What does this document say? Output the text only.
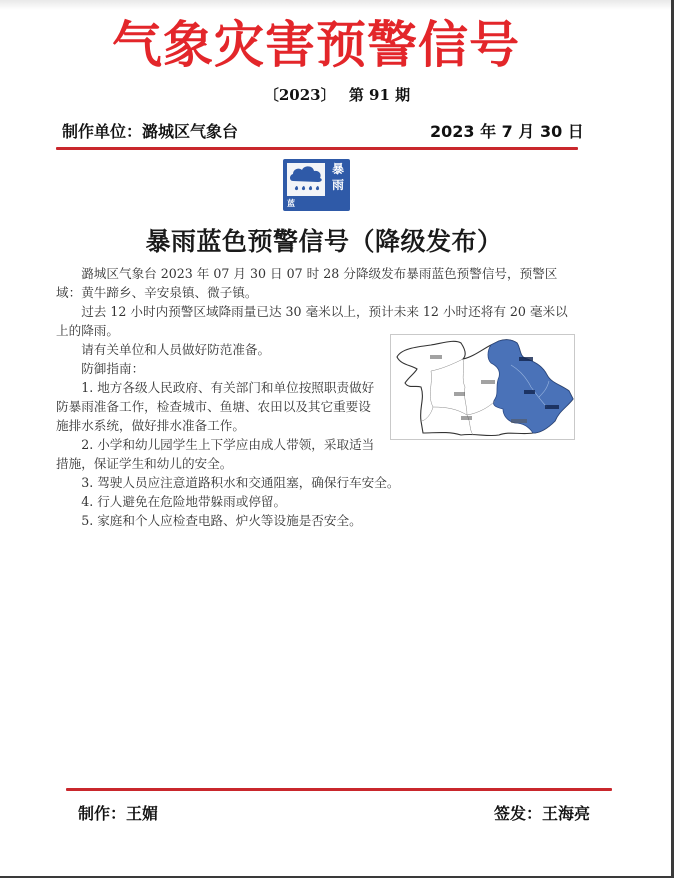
气象灾害预警信号
〔2023〕 第 91 期
制作单位：潞城区气象台	2023 年 7 月 30 日
暴
雨
蓝RAIN STORM
暴雨蓝色预警信号（降级发布）

潞城区气象台 2023 年 07 月 30 日 07 时 28 分降级发布暴雨蓝色预警信号，预警区域：黄牛蹄乡、辛安泉镇、微子镇。

过去 12 小时内预警区域降雨量已达 30 毫米以上，预计未来 12 小时还将有 20 毫米以上的降雨。

请有关单位和人员做好防范准备。

防御指南：

1. 地方各级人民政府、有关部门和单位按照职责做好防暴雨准备工作，检查城市、鱼塘、农田以及其它重要设施排水系统，做好排水准备工作。

2. 小学和幼儿园学生上下学应由成人带领，采取适当措施，保证学生和幼儿的安全。

3. 驾驶人员应注意道路积水和交通阻塞，确保行车安全。

4. 行人避免在危险地带躲雨或停留。

5. 家庭和个人应检查电路、炉火等设施是否安全。

制作：王媚	签发：王海亮
